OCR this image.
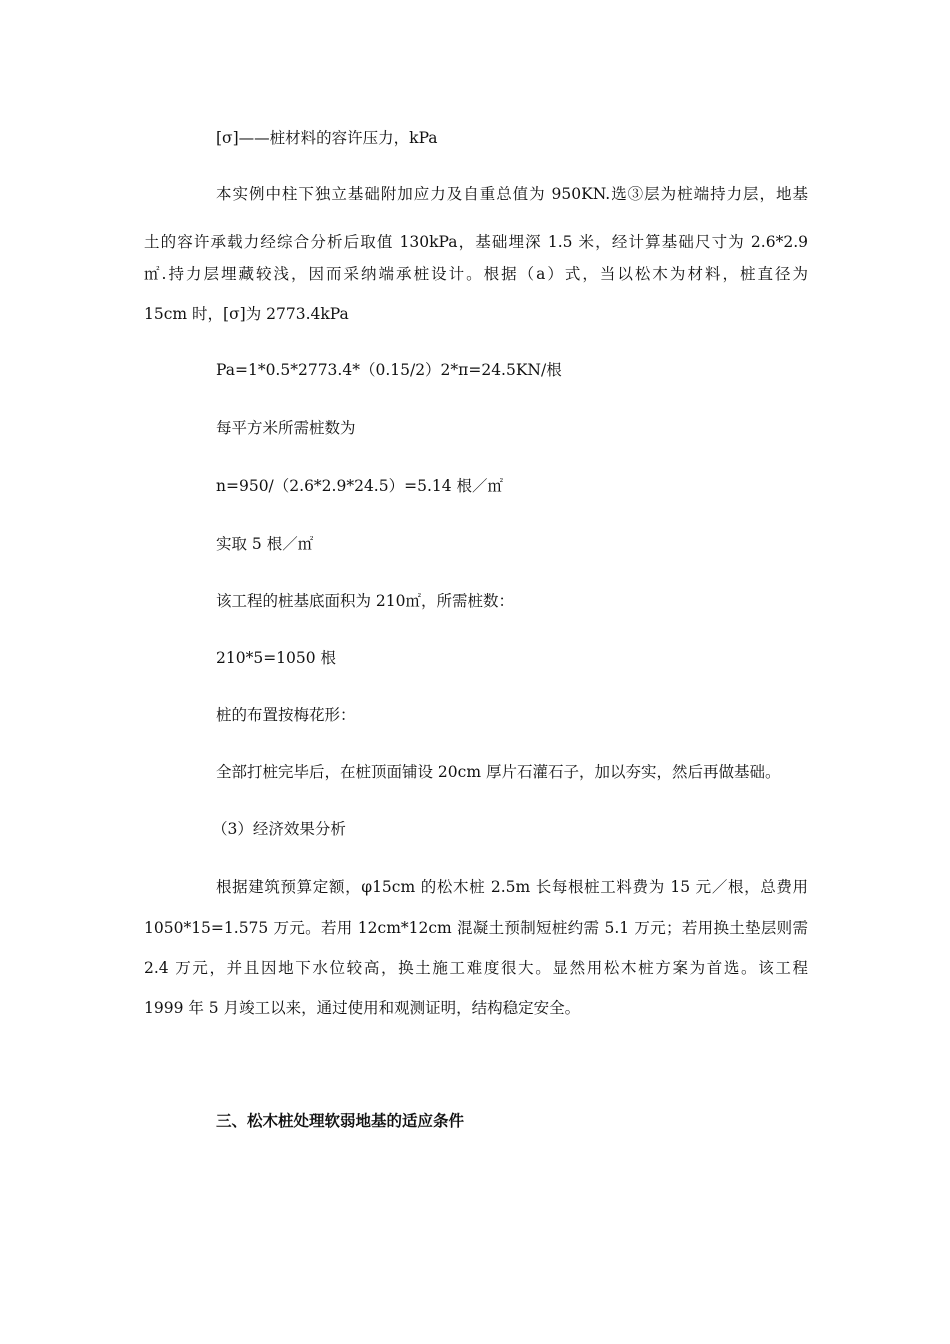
[σ]——桩材料的容许压力，kPa
本实例中柱下独立基础附加应力及自重总值为 950KN.选③层为桩端持力层，地基
土的容许承载力经综合分析后取值 130kPa，基础埋深 1.5 米，经计算基础尺寸为 2.6*2.9
㎡.持力层埋藏较浅，因而采纳端承桩设计。根据（a）式，当以松木为材料，桩直径为
15cm 时，[σ]为 2773.4kPa
Pa=1*0.5*2773.4*（0.15/2）2*π=24.5KN/根
每平方米所需桩数为
n=950/（2.6*2.9*24.5）=5.14 根／㎡
实取 5 根／㎡
该工程的桩基底面积为 210㎡，所需桩数：
210*5=1050 根
桩的布置按梅花形：
全部打桩完毕后，在桩顶面铺设 20cm 厚片石灌石子，加以夯实，然后再做基础。
（3）经济效果分析
根据建筑预算定额，φ15cm 的松木桩 2.5m 长每根桩工料费为 15 元／根，总费用
1050*15=1.575 万元。若用 12cm*12cm 混凝土预制短桩约需 5.1 万元；若用换土垫层则需
2.4 万元，并且因地下水位较高，换土施工难度很大。显然用松木桩方案为首选。该工程
1999 年 5 月竣工以来，通过使用和观测证明，结构稳定安全。
三、松木桩处理软弱地基的适应条件
